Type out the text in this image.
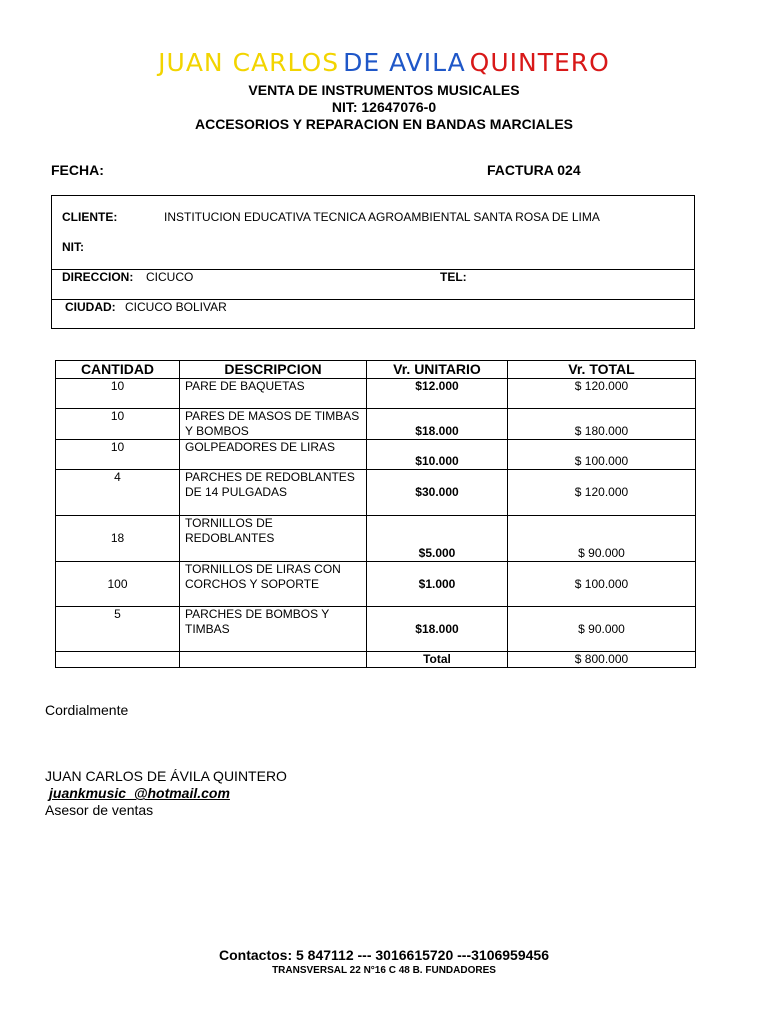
JUAN CARLOS DE AVILA QUINTERO
VENTA DE INSTRUMENTOS MUSICALES
NIT: 12647076-0
ACCESORIOS Y REPARACION EN BANDAS MARCIALES
FECHA:	FACTURA 024
CLIENTE:	INSTITUCION EDUCATIVA TECNICA AGROAMBIENTAL SANTA ROSA DE LIMA
NIT:
DIRECCION: CICUCO	TEL:
CIUDAD: CICUCO BOLIVAR
CANTIDAD	DESCRIPCION	Vr. UNITARIO	Vr. TOTAL
10	PARE DE BAQUETAS	$12.000	$ 120.000
10	PARES DE MASOS DE TIMBAS Y BOMBOS	$18.000	$ 180.000
10	GOLPEADORES DE LIRAS	$10.000	$ 100.000
4	PARCHES DE REDOBLANTES DE 14 PULGADAS	$30.000	$ 120.000
18	TORNILLOS DE REDOBLANTES	$5.000	$ 90.000
100	TORNILLOS DE LIRAS CON CORCHOS Y SOPORTE	$1.000	$ 100.000
5	PARCHES DE BOMBOS Y TIMBAS	$18.000	$ 90.000
		Total	$ 800.000
Cordialmente
JUAN CARLOS DE ÁVILA QUINTERO
juankmusic_@hotmail.com
Asesor de ventas
Contactos: 5 847112 --- 3016615720 ---3106959456
TRANSVERSAL 22 N°16 C 48 B. FUNDADORES
